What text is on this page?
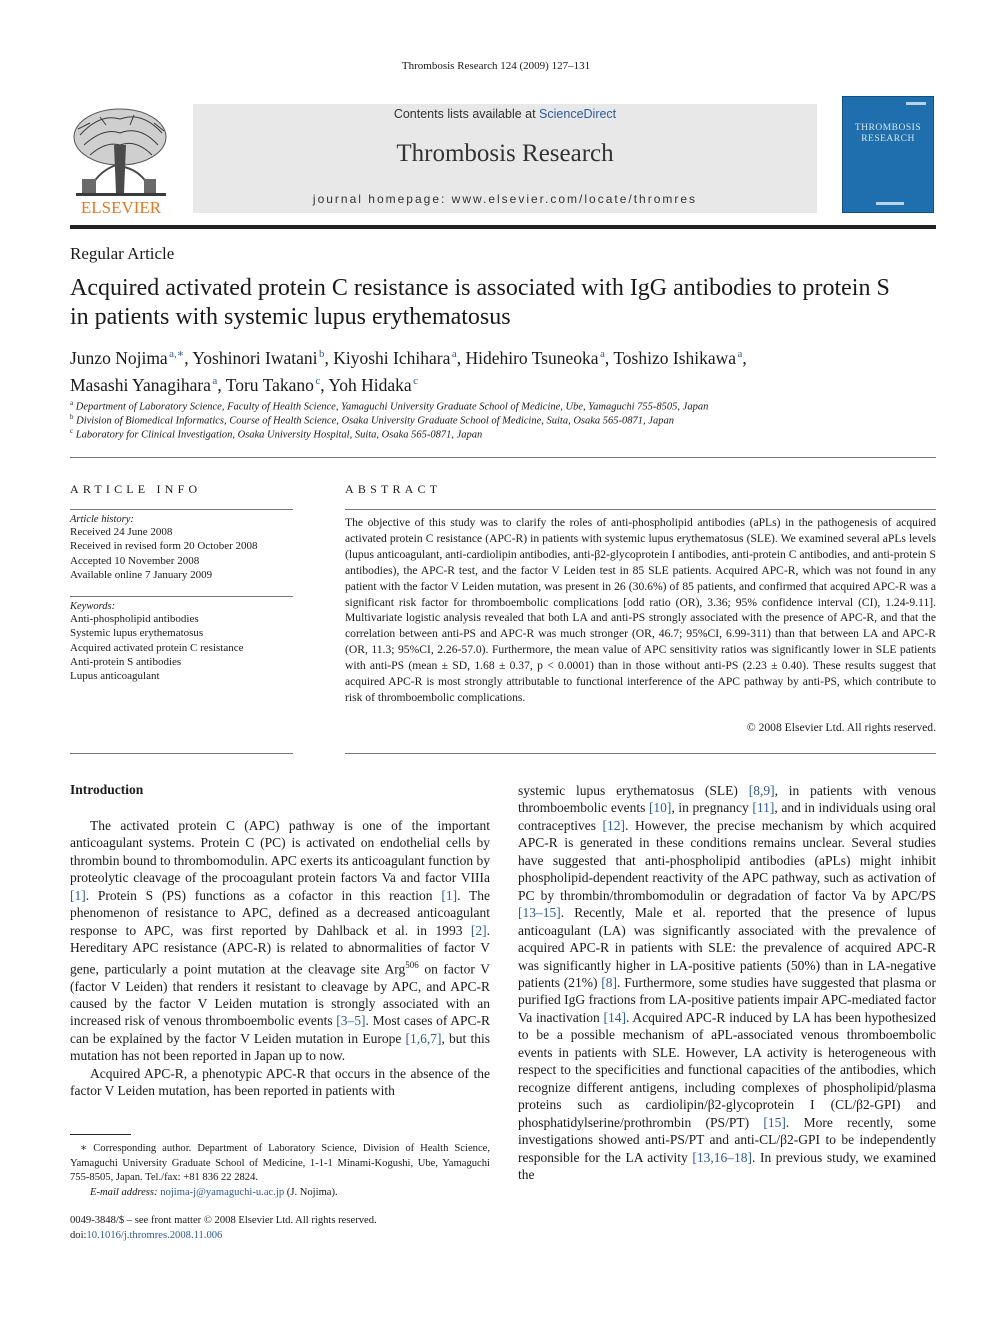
Thrombosis Research 124 (2009) 127–131
ELSEVIER
Contents lists available at ScienceDirect
Thrombosis Research
journal homepage: www.elsevier.com/locate/thromres
THROMBOSIS
RESEARCH
Regular Article
Acquired activated protein C resistance is associated with IgG antibodies to protein S
in patients with systemic lupus erythematosus
Junzo Nojima $^{a,∗}$, Yoshinori Iwatani $^b$, Kiyoshi Ichihara $^a$, Hidehiro Tsuneoka $^a$, Toshizo Ishikawa $^a$,
Masashi Yanagihara $^a$, Toru Takano $^c$, Yoh Hidaka $^c$
$^a$ Department of Laboratory Science, Faculty of Health Science, Yamaguchi University Graduate School of Medicine, Ube, Yamaguchi 755-8505, Japan
$^b$ Division of Biomedical Informatics, Course of Health Science, Osaka University Graduate School of Medicine, Suita, Osaka 565-0871, Japan
$^c$ Laboratory for Clinical Investigation, Osaka University Hospital, Suita, Osaka 565-0871, Japan
ARTICLE INFO
Article history:
Received 24 June 2008
Received in revised form 20 October 2008
Accepted 10 November 2008
Available online 7 January 2009
Keywords:
Anti-phospholipid antibodies
Systemic lupus erythematosus
Acquired activated protein C resistance
Anti-protein S antibodies
Lupus anticoagulant
ABSTRACT
The objective of this study was to clarify the roles of anti-phospholipid antibodies (aPLs) in the pathogenesis of acquired activated protein C resistance (APC-R) in patients with systemic lupus erythematosus (SLE). We examined several aPLs levels (lupus anticoagulant, anti-cardiolipin antibodies, anti-β2-glycoprotein I antibodies, anti-protein C antibodies, and anti-protein S antibodies), the APC-R test, and the factor V Leiden test in 85 SLE patients. Acquired APC-R, which was not found in any patient with the factor V Leiden mutation, was present in 26 (30.6%) of 85 patients, and confirmed that acquired APC-R was a significant risk factor for thromboembolic complications [odd ratio (OR), 3.36; 95% confidence interval (CI), 1.24-9.11]. Multivariate logistic analysis revealed that both LA and anti-PS strongly associated with the presence of APC-R, and that the correlation between anti-PS and APC-R was much stronger (OR, 46.7; 95%CI, 6.99-311) than that between LA and APC-R (OR, 11.3; 95%CI, 2.26-57.0). Furthermore, the mean value of APC sensitivity ratios was significantly lower in SLE patients with anti-PS (mean ± SD, 1.68 ± 0.37, p < 0.0001) than in those without anti-PS (2.23 ± 0.40). These results suggest that acquired APC-R is most strongly attributable to functional interference of the APC pathway by anti-PS, which contribute to risk of thromboembolic complications.
© 2008 Elsevier Ltd. All rights reserved.
Introduction

The activated protein C (APC) pathway is one of the important anticoagulant systems. Protein C (PC) is activated on endothelial cells by thrombin bound to thrombomodulin. APC exerts its anticoagulant function by proteolytic cleavage of the procoagulant protein factors Va and factor VIIIa [1]. Protein S (PS) functions as a cofactor in this reaction [1]. The phenomenon of resistance to APC, defined as a decreased anticoagulant response to APC, was first reported by Dahlback et al. in 1993 [2]. Hereditary APC resistance (APC-R) is related to abnormalities of factor V gene, particularly a point mutation at the cleavage site Arg$^{506}$ on factor V (factor V Leiden) that renders it resistant to cleavage by APC, and APC-R caused by the factor V Leiden mutation is strongly associated with an increased risk of venous thromboembolic events [3–5]. Most cases of APC-R can be explained by the factor V Leiden mutation in Europe [1,6,7], but this mutation has not been reported in Japan up to now.

Acquired APC-R, a phenotypic APC-R that occurs in the absence of the factor V Leiden mutation, has been reported in patients with

systemic lupus erythematosus (SLE) [8,9], in patients with venous thromboembolic events [10], in pregnancy [11], and in individuals using oral contraceptives [12]. However, the precise mechanism by which acquired APC-R is generated in these conditions remains unclear. Several studies have suggested that anti-phospholipid antibodies (aPLs) might inhibit phospholipid-dependent reactivity of the APC pathway, such as activation of PC by thrombin/thrombomodulin or degradation of factor Va by APC/PS [13–15]. Recently, Male et al. reported that the presence of lupus anticoagulant (LA) was significantly associated with the prevalence of acquired APC-R in patients with SLE: the prevalence of acquired APC-R was significantly higher in LA-positive patients (50%) than in LA-negative patients (21%) [8]. Furthermore, some studies have suggested that plasma or purified IgG fractions from LA-positive patients impair APC-mediated factor Va inactivation [14]. Acquired APC-R induced by LA has been hypothesized to be a possible mechanism of aPL-associated venous thromboembolic events in patients with SLE. However, LA activity is heterogeneous with respect to the specificities and functional capacities of the antibodies, which recognize different antigens, including complexes of phospholipid/plasma proteins such as cardiolipin/β2-glycoprotein I (CL/β2-GPI) and phosphatidylserine/prothrombin (PS/PT) [15]. More recently, some investigations showed anti-PS/PT and anti-CL/β2-GPI to be independently responsible for the LA activity [13,16–18]. In previous study, we examined the

∗ Corresponding author. Department of Laboratory Science, Division of Health Science, Yamaguchi University Graduate School of Medicine, 1-1-1 Minami-Kogushi, Ube, Yamaguchi 755-8505, Japan. Tel./fax: +81 836 22 2824.
E-mail address: nojima-j@yamaguchi-u.ac.jp (J. Nojima).
0049-3848/$ – see front matter © 2008 Elsevier Ltd. All rights reserved.
doi:10.1016/j.thromres.2008.11.006
